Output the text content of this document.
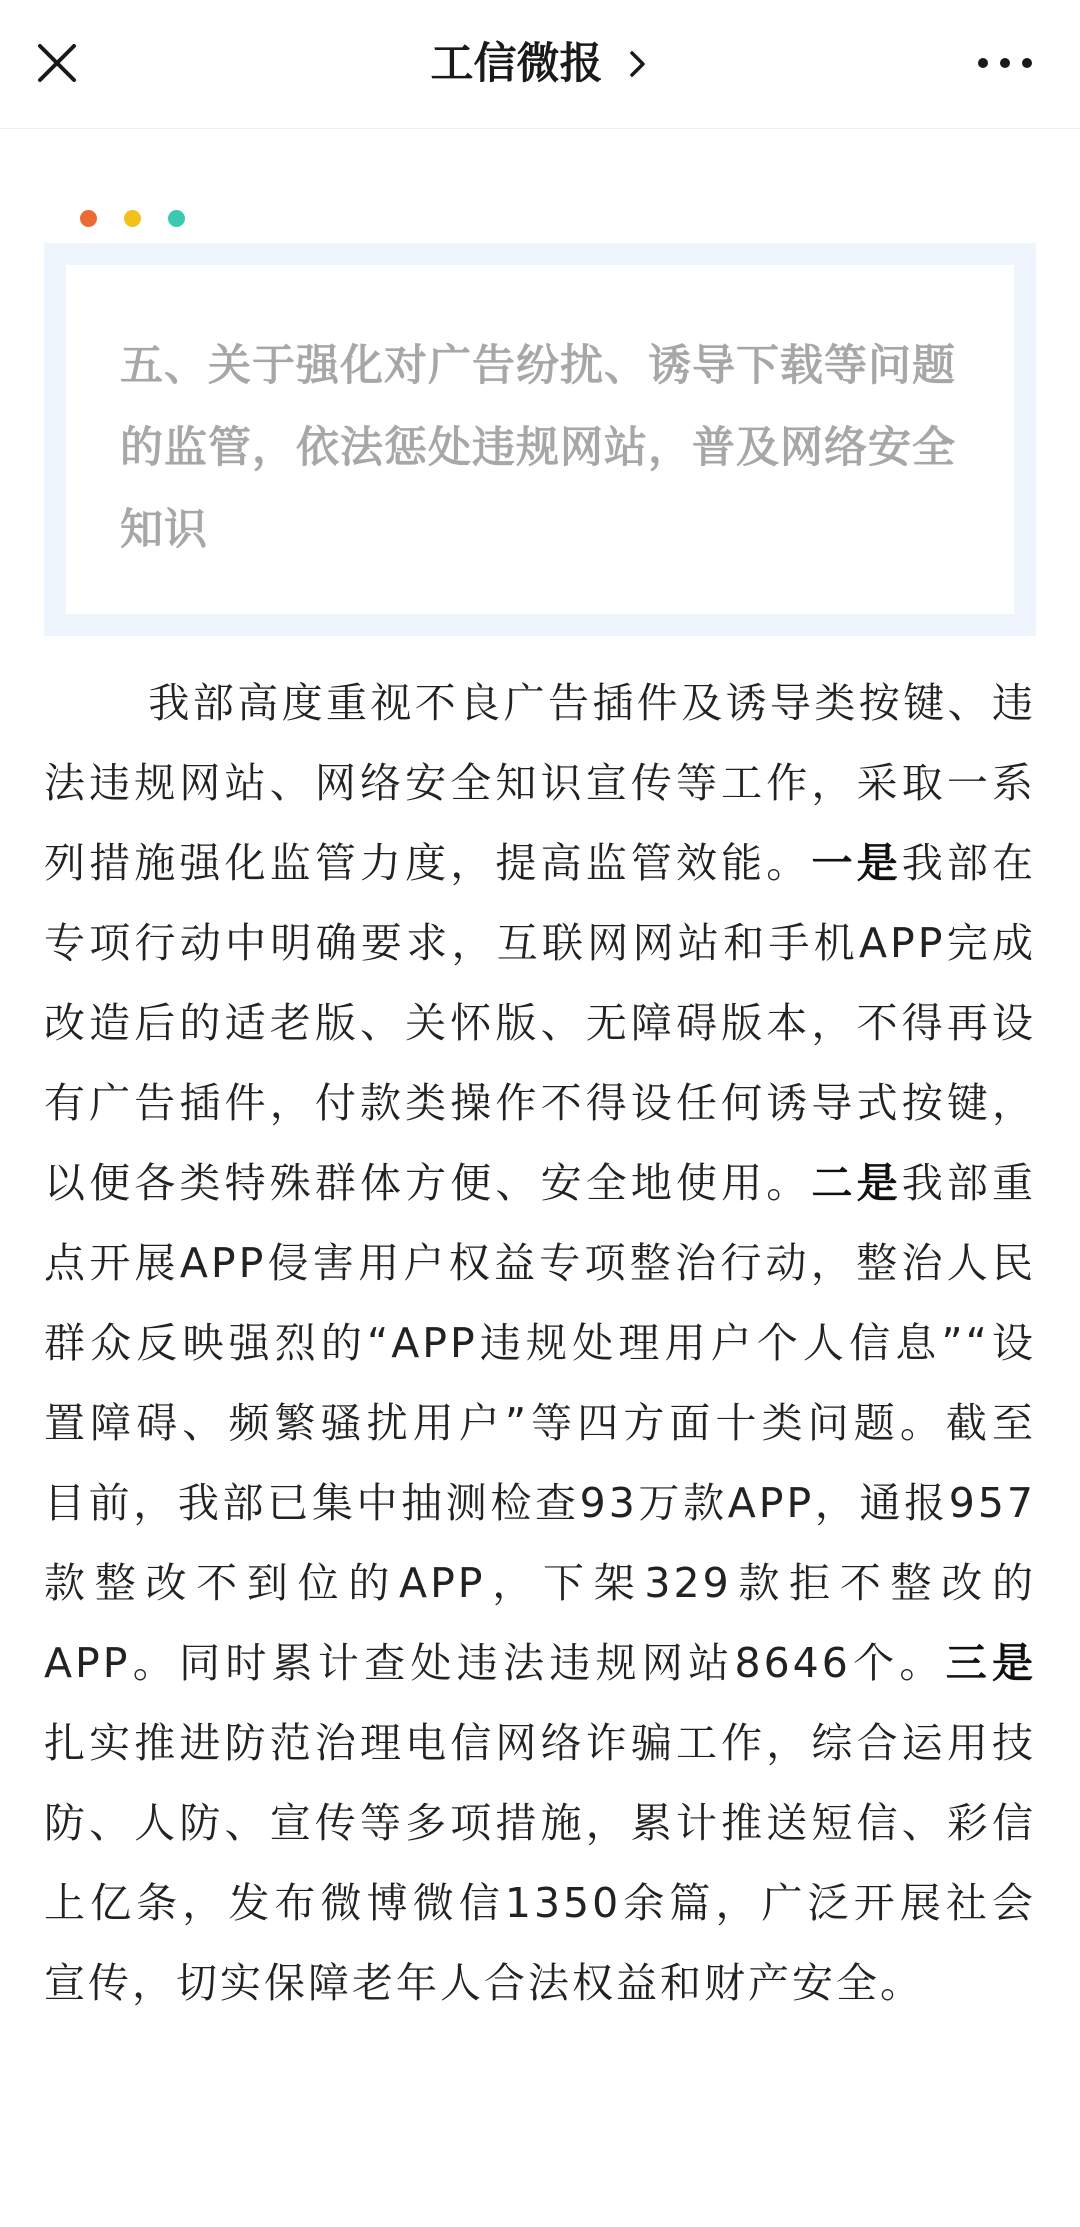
工信微报
五、关于强化对广告纷扰、诱导下载等问题的监管，依法惩处违规网站，普及网络安全知识

我部高度重视不良广告插件及诱导类按键、违法违规网站、网络安全知识宣传等工作，采取一系列措施强化监管力度，提高监管效能。一是我部在专项行动中明确要求，互联网网站和手机APP完成改造后的适老版、关怀版、无障碍版本，不得再设有广告插件，付款类操作不得设任何诱导式按键，以便各类特殊群体方便、安全地使用。二是我部重点开展APP侵害用户权益专项整治行动，整治人民群众反映强烈的“APP违规处理用户个人信息”“设置障碍、频繁骚扰用户”等四方面十类问题。截至目前，我部已集中抽测检查93万款APP，通报957款整改不到位的APP，下架329款拒不整改的APP。同时累计查处违法违规网站8646个。三是扎实推进防范治理电信网络诈骗工作，综合运用技防、人防、宣传等多项措施，累计推送短信、彩信上亿条，发布微博微信1350余篇，广泛开展社会宣传，切实保障老年人合法权益和财产安全。
